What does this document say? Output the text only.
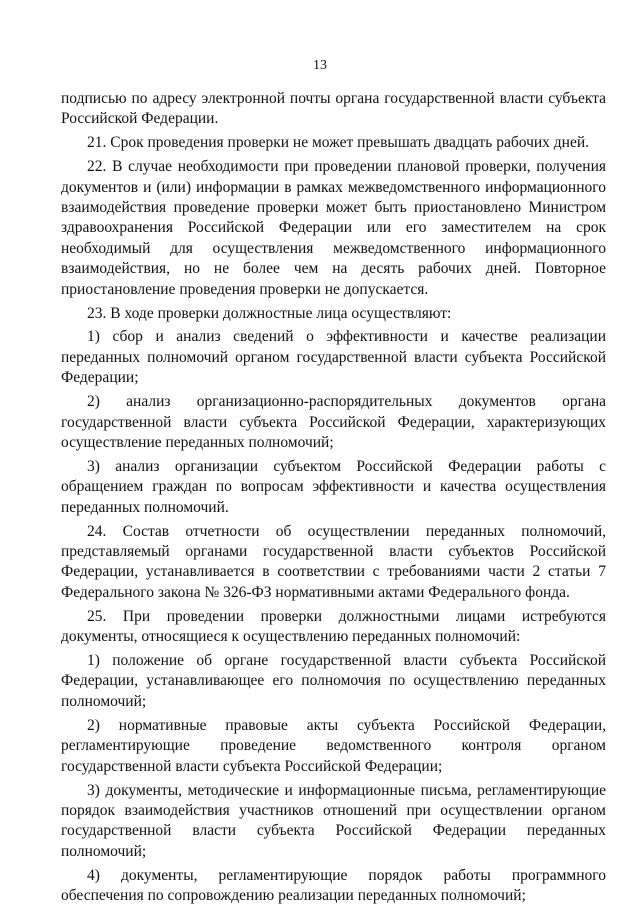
13

подписью по адресу электронной почты органа государственной власти субъекта Российской Федерации.

21. Срок проведения проверки не может превышать двадцать рабочих дней.

22. В случае необходимости при проведении плановой проверки, получения документов и (или) информации в рамках межведомственного информационного взаимодействия проведение проверки может быть приостановлено Министром здравоохранения Российской Федерации или его заместителем на срок необходимый для осуществления межведомственного информационного взаимодействия, но не более чем на десять рабочих дней. Повторное приостановление проведения проверки не допускается.

23. В ходе проверки должностные лица осуществляют:

1) сбор и анализ сведений о эффективности и качестве реализации переданных полномочий органом государственной власти субъекта Российской Федерации;

2) анализ организационно-распорядительных документов органа государственной власти субъекта Российской Федерации, характеризующих осуществление переданных полномочий;

3) анализ организации субъектом Российской Федерации работы с обращением граждан по вопросам эффективности и качества осуществления переданных полномочий.

24. Состав отчетности об осуществлении переданных полномочий, представляемый органами государственной власти субъектов Российской Федерации, устанавливается в соответствии с требованиями части 2 статьи 7 Федерального закона № 326-ФЗ нормативными актами Федерального фонда.

25. При проведении проверки должностными лицами истребуются документы, относящиеся к осуществлению переданных полномочий:

1) положение об органе государственной власти субъекта Российской Федерации, устанавливающее его полномочия по осуществлению переданных полномочий;

2) нормативные правовые акты субъекта Российской Федерации, регламентирующие проведение ведомственного контроля органом государственной власти субъекта Российской Федерации;

3) документы, методические и информационные письма, регламентирующие порядок взаимодействия участников отношений при осуществлении органом государственной власти субъекта Российской Федерации переданных полномочий;

4) документы, регламентирующие порядок работы программного обеспечения по сопровождению реализации переданных полномочий;
